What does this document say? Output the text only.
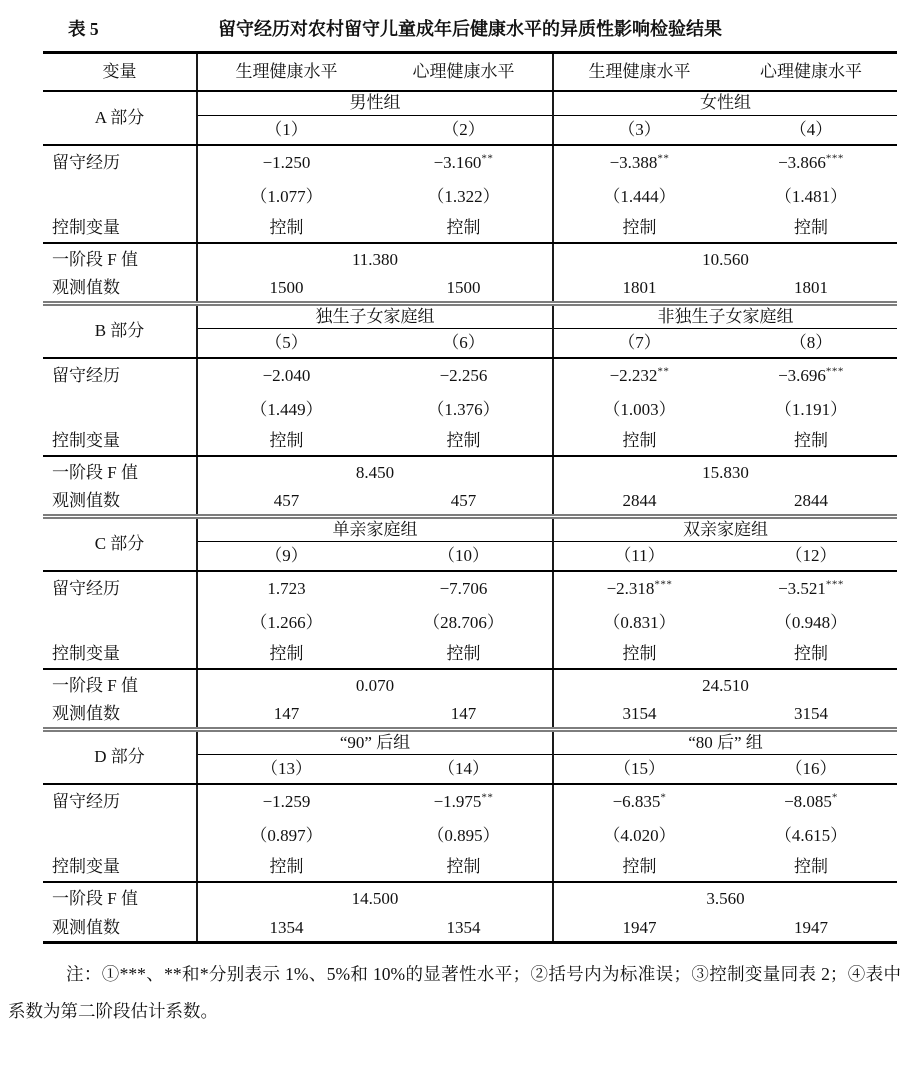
表 5	留守经历对农村留守儿童成年后健康水平的异质性影响检验结果
变量	生理健康水平	心理健康水平	生理健康水平	心理健康水平
A 部分	男性组		女性组	
	（1）	（2）	（3）	（4）
留守经历	−1.250	−3.160**	−3.388**	−3.866***
	（1.077）	（1.322）	（1.444）	（1.481）
控制变量	控制	控制	控制	控制
一阶段 F 值	11.380		10.560	
观测值数	1500	1500	1801	1801
B 部分	独生子女家庭组		非独生子女家庭组	
	（5）	（6）	（7）	（8）
留守经历	−2.040	−2.256	−2.232**	−3.696***
	（1.449）	（1.376）	（1.003）	（1.191）
控制变量	控制	控制	控制	控制
一阶段 F 值	8.450		15.830	
观测值数	457	457	2844	2844
C 部分	单亲家庭组		双亲家庭组	
	（9）	（10）	（11）	（12）
留守经历	1.723	−7.706	−2.318***	−3.521***
	（1.266）	（28.706）	（0.831）	（0.948）
控制变量	控制	控制	控制	控制
一阶段 F 值	0.070		24.510	
观测值数	147	147	3154	3154
D 部分	“90” 后组		“80 后” 组	
	（13）	（14）	（15）	（16）
留守经历	−1.259	−1.975**	−6.835*	−8.085*
	（0.897）	（0.895）	（4.020）	（4.615）
控制变量	控制	控制	控制	控制
一阶段 F 值	14.500		3.560	
观测值数	1354	1354	1947	1947
注：①***、**和*分别表示 1%、5%和 10%的显著性水平；②括号内为标准误；③控制变量同表 2；④表中系数为第二阶段估计系数。
